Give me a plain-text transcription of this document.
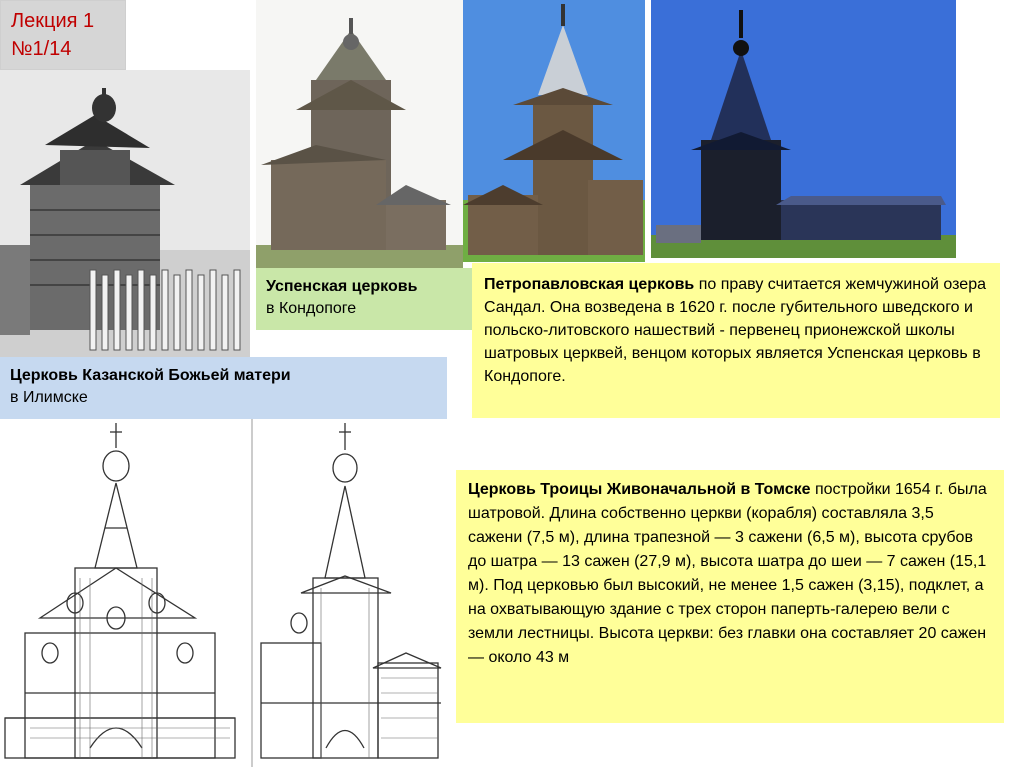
Лекция 1
№1/14
Успенская церковь
в Кондопоге
Церковь Казанской Божьей матери
в Илимске
Петропавловская церковь по праву считается жемчужиной озера Сандал. Она возведена в 1620 г. после губительного шведского и польско-литовского нашествий - первенец прионежской школы шатровых церквей, венцом которых является Успенская церковь в Кондопоге.
Церковь Троицы Живоначальной в Томске постройки 1654 г. была шатровой. Длина собственно церкви (корабля) составляла 3,5 сажени (7,5 м), длина трапезной — 3 сажени (6,5 м), высота срубов до шатра — 13 сажен (27,9 м), высота шатра до шеи — 7 сажен (15,1 м). Под церковью был высокий, не менее 1,5 сажен (3,15), подклет, а на охватывающую здание с трех сторон паперть-галерею вели с земли лестницы. Высота церкви: без главки она составляет 20 сажен — около 43 м
